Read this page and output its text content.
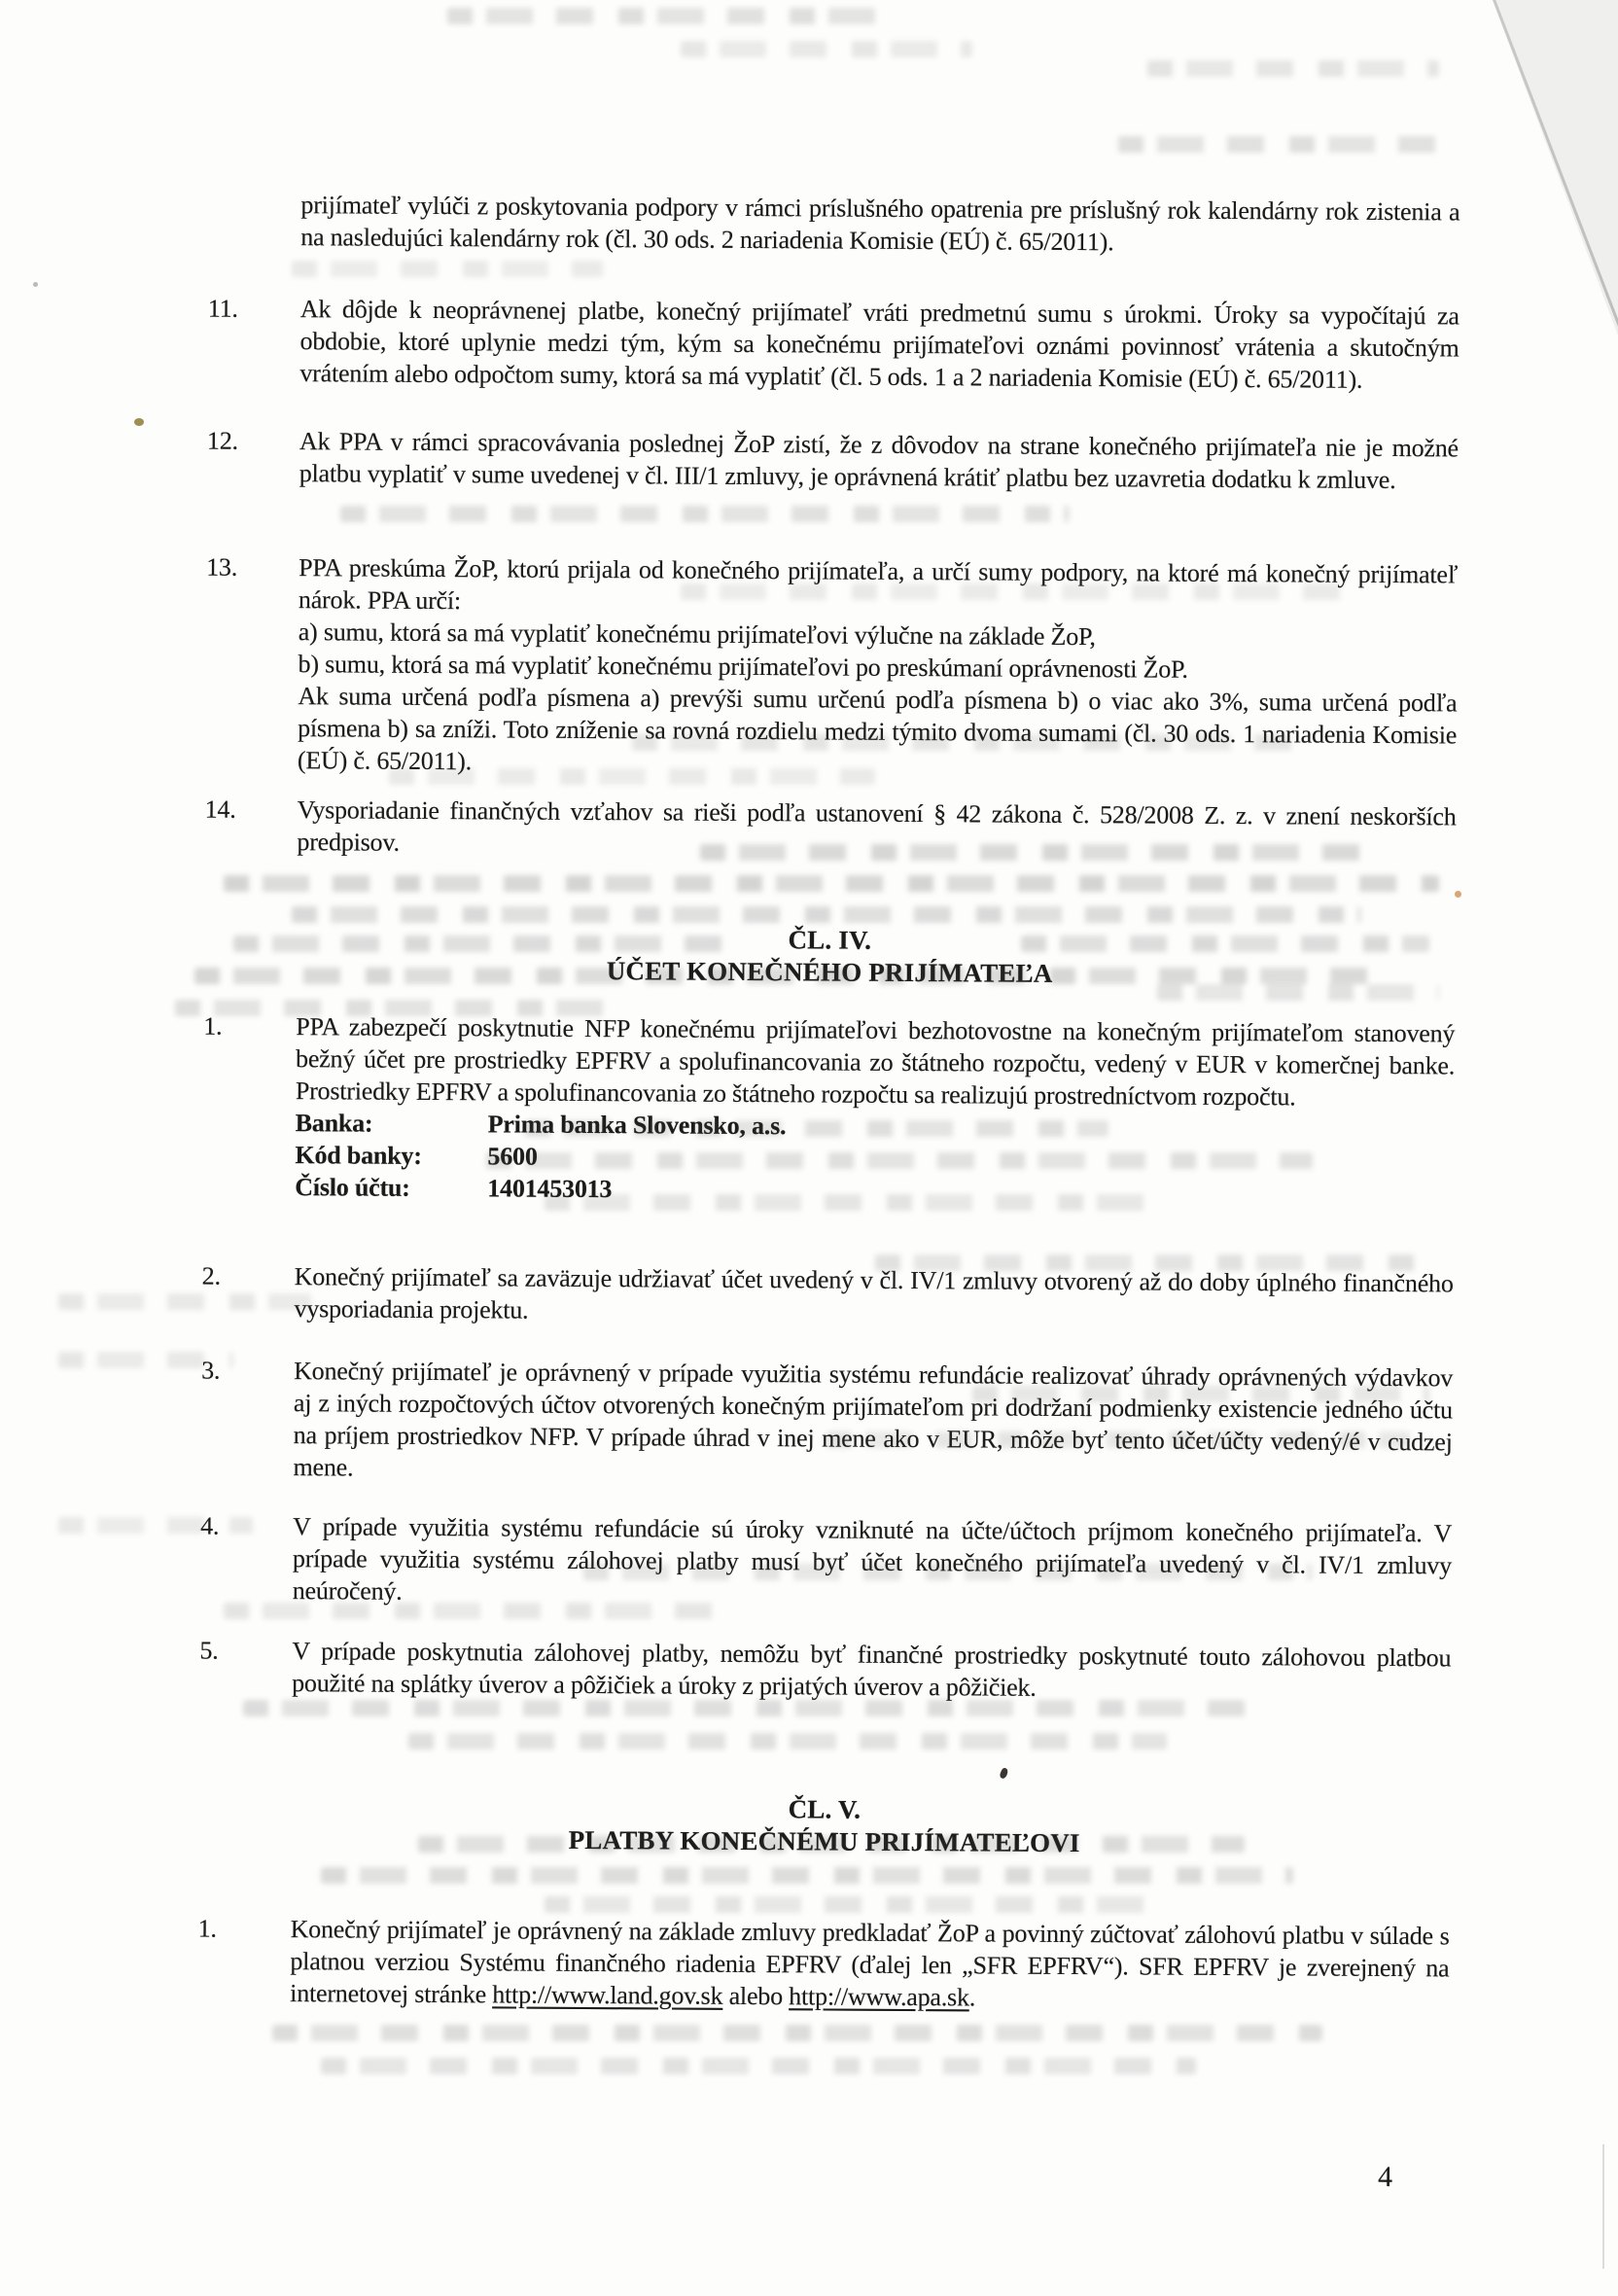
prijímateľ vylúči z poskytovania podpory v rámci príslušného opatrenia pre príslušný rok kalendárny rok zistenia a na nasledujúci kalendárny rok (čl. 30 ods. 2 nariadenia Komisie (EÚ) č. 65/2011).
11. Ak dôjde k neoprávnenej platbe, konečný prijímateľ vráti predmetnú sumu s úrokmi. Úroky sa vypočítajú za obdobie, ktoré uplynie medzi tým, kým sa konečnému prijímateľovi oznámi povinnosť vrátenia a skutočným vrátením alebo odpočtom sumy, ktorá sa má vyplatiť (čl. 5 ods. 1 a 2 nariadenia Komisie (EÚ) č. 65/2011).
12. Ak PPA v rámci spracovávania poslednej ŽoP zistí, že z dôvodov na strane konečného prijímateľa nie je možné platbu vyplatiť v sume uvedenej v čl. III/1 zmluvy, je oprávnená krátiť platbu bez uzavretia dodatku k zmluve.
13. PPA preskúma ŽoP, ktorú prijala od konečného prijímateľa, a určí sumy podpory, na ktoré má konečný prijímateľ nárok. PPA určí:
a) sumu, ktorá sa má vyplatiť konečnému prijímateľovi výlučne na základe ŽoP,
b) sumu, ktorá sa má vyplatiť konečnému prijímateľovi po preskúmaní oprávnenosti ŽoP.
Ak suma určená podľa písmena a) prevýši sumu určenú podľa písmena b) o viac ako 3%, suma určená podľa písmena b) sa zníži. Toto zníženie sa rovná rozdielu medzi týmito dvoma sumami (čl. 30 ods. 1 nariadenia Komisie (EÚ) č. 65/2011).
14. Vysporiadanie finančných vzťahov sa rieši podľa ustanovení § 42 zákona č. 528/2008 Z. z. v znení neskorších predpisov.
ČL. IV.
ÚČET KONEČNÉHO PRIJÍMATEĽA
1.	PPA zabezpečí poskytnutie NFP konečnému prijímateľovi bezhotovostne na konečným prijímateľom stanovený bežný účet pre prostriedky EPFRV a spolufinancovania zo štátneho rozpočtu, vedený v EUR v komerčnej banke. Prostriedky EPFRV a spolufinancovania zo štátneho rozpočtu sa realizujú prostredníctvom rozpočtu.
Banka:	Prima banka Slovensko, a.s.
Kód banky:	5600
Číslo účtu:	1401453013
2.	Konečný prijímateľ sa zaväzuje udržiavať účet uvedený v čl. IV/1 zmluvy otvorený až do doby úplného finančného vysporiadania projektu.
3.	Konečný prijímateľ je oprávnený v prípade využitia systému refundácie realizovať úhrady oprávnených výdavkov aj z iných rozpočtových účtov otvorených konečným prijímateľom pri dodržaní podmienky existencie jedného účtu na príjem prostriedkov NFP. V prípade úhrad v inej mene ako v EUR, môže byť tento účet/účty vedený/é v cudzej mene.
4.	V prípade využitia systému refundácie sú úroky vzniknuté na účte/účtoch príjmom konečného prijímateľa. V prípade využitia systému zálohovej platby musí byť účet konečného prijímateľa uvedený v čl. IV/1 zmluvy neúročený.
5.	V prípade poskytnutia zálohovej platby, nemôžu byť finančné prostriedky poskytnuté touto zálohovou platbou použité na splátky úverov a pôžičiek a úroky z prijatých úverov a pôžičiek.
ČL. V.
PLATBY KONEČNÉMU PRIJÍMATEĽOVI
1.	Konečný prijímateľ je oprávnený na základe zmluvy predkladať ŽoP a povinný zúčtovať zálohovú platbu v súlade s platnou verziou Systému finančného riadenia EPFRV (ďalej len „SFR EPFRV“). SFR EPFRV je zverejnený na internetovej stránke http://www.land.gov.sk alebo http://www.apa.sk.
4
